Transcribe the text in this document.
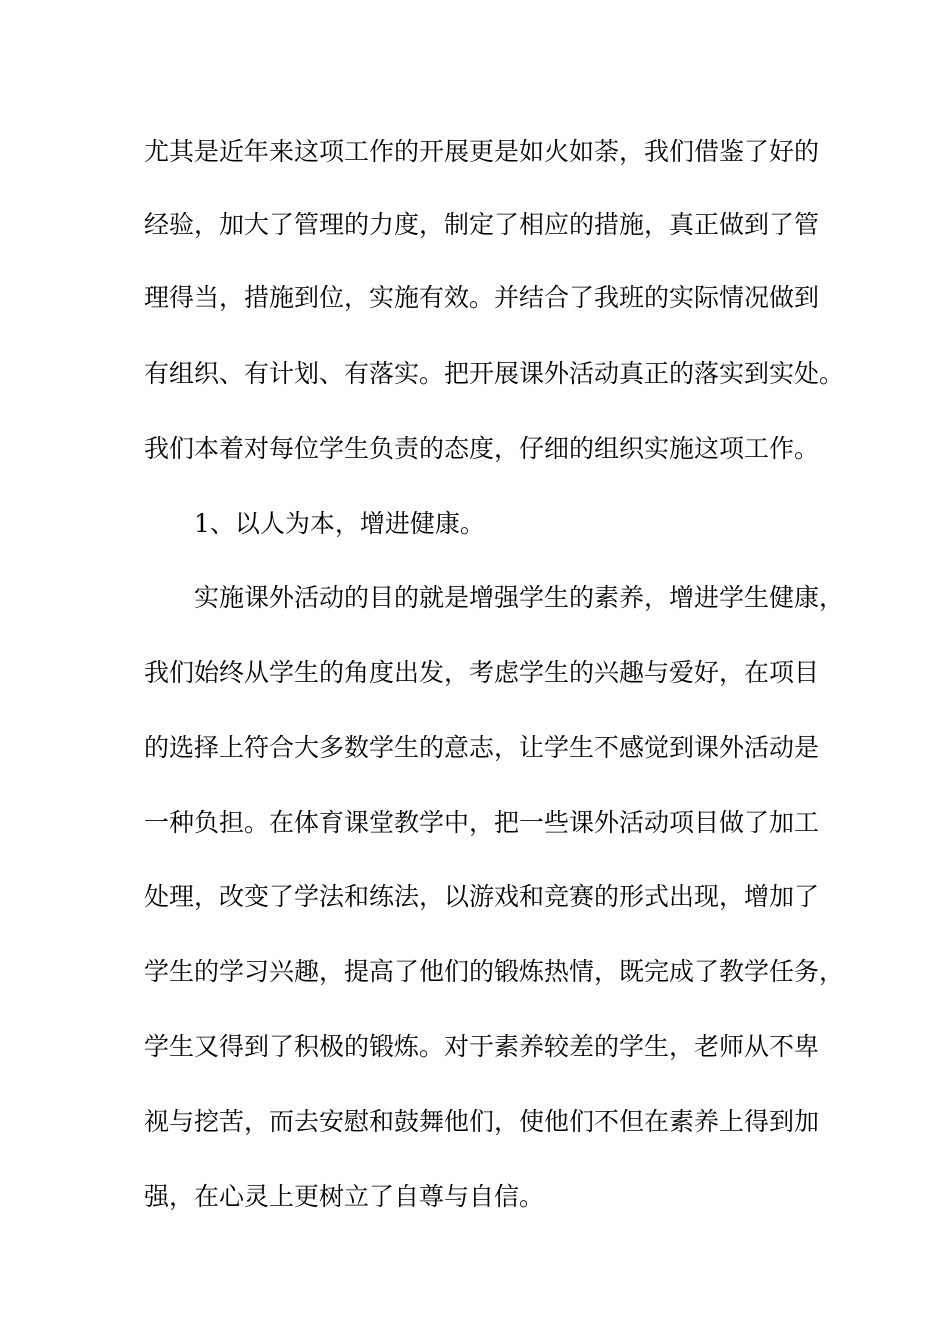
尤其是近年来这项工作的开展更是如火如荼，我们借鉴了好的
经验，加大了管理的力度，制定了相应的措施，真正做到了管
理得当，措施到位，实施有效。并结合了我班的实际情况做到
有组织、有计划、有落实。把开展课外活动真正的落实到实处。
我们本着对每位学生负责的态度，仔细的组织实施这项工作。
1、以人为本，增进健康。
实施课外活动的目的就是增强学生的素养，增进学生健康，
我们始终从学生的角度出发，考虑学生的兴趣与爱好，在项目
的选择上符合大多数学生的意志，让学生不感觉到课外活动是
一种负担。在体育课堂教学中，把一些课外活动项目做了加工
处理，改变了学法和练法，以游戏和竞赛的形式出现，增加了
学生的学习兴趣，提高了他们的锻炼热情，既完成了教学任务，
学生又得到了积极的锻炼。对于素养较差的学生，老师从不卑
视与挖苦，而去安慰和鼓舞他们，使他们不但在素养上得到加
强，在心灵上更树立了自尊与自信。
